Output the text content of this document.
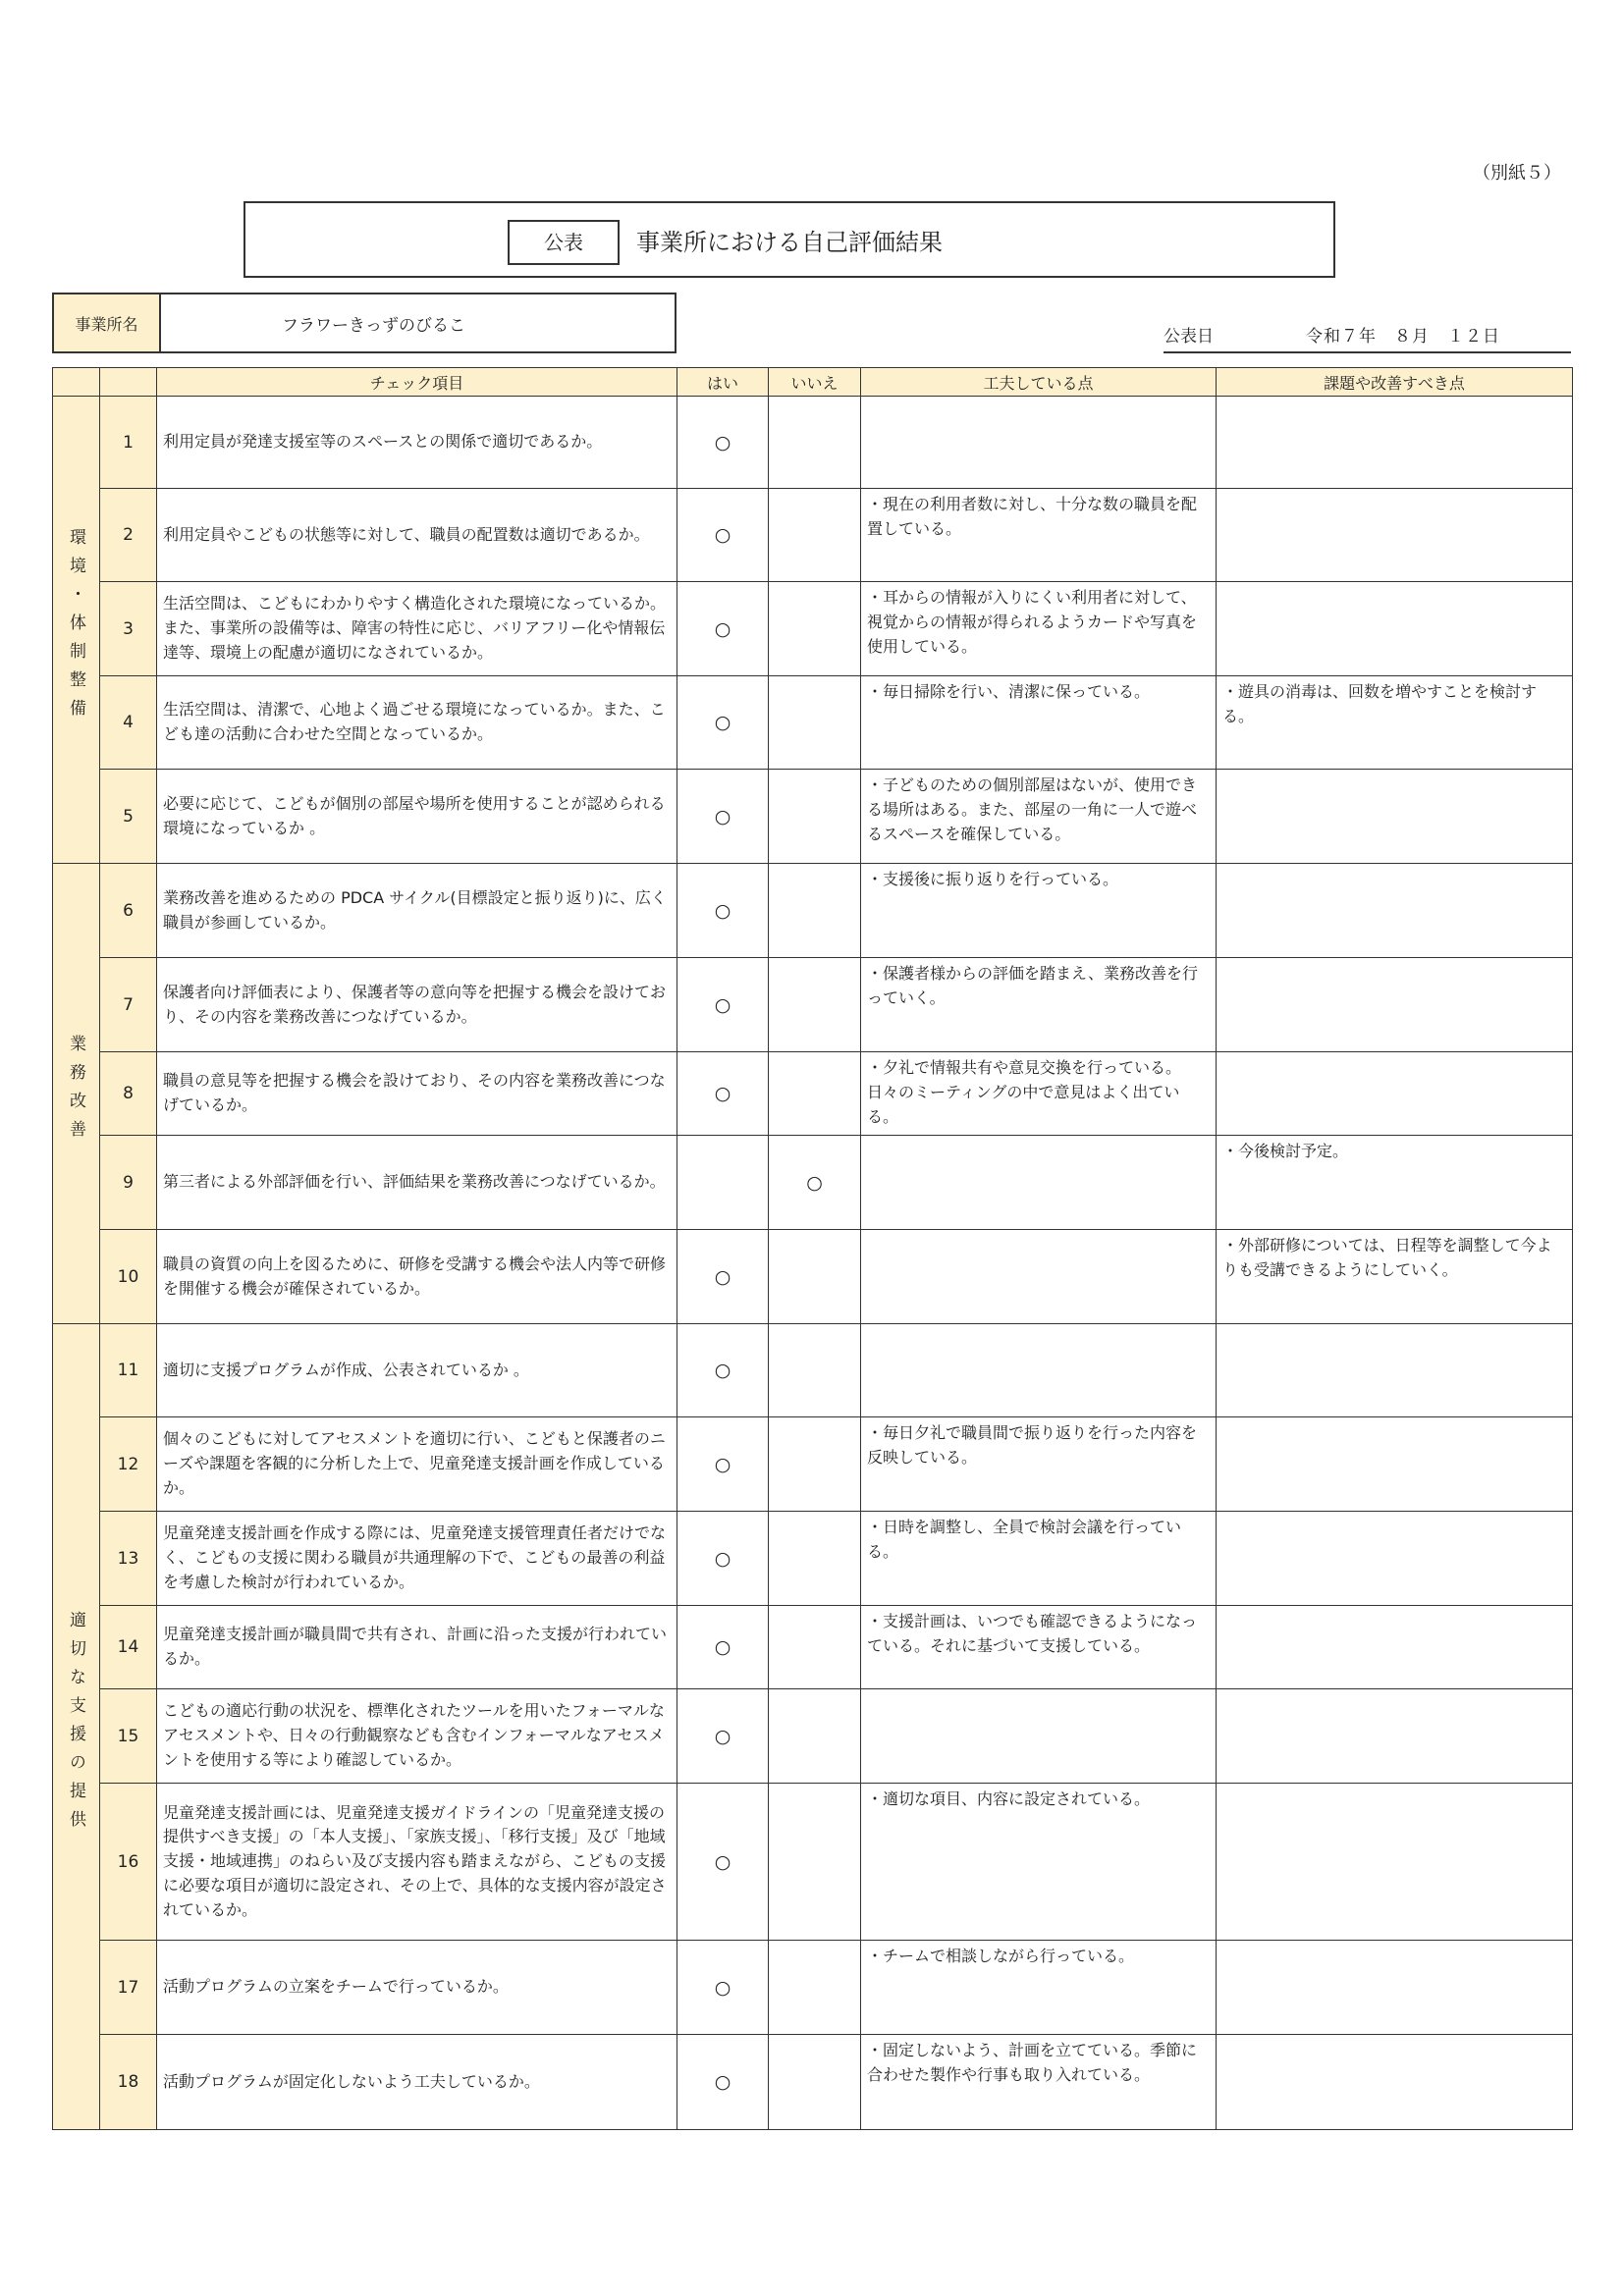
（別紙５）
公表	事業所における自己評価結果
事業所名	フラワーきっずのびるこ
公表日	令和７年　８月　１２日
		チェック項目	はい	いいえ	工夫している点	課題や改善すべき点
環境・体制整備	1	利用定員が発達支援室等のスペースとの関係で適切であるか。	○			
	2	利用定員やこどもの状態等に対して、職員の配置数は適切であるか。	○		・現在の利用者数に対し、十分な数の職員を配置している。	
	3	生活空間は、こどもにわかりやすく構造化された環境になっているか。また、事業所の設備等は、障害の特性に応じ、バリアフリー化や情報伝達等、環境上の配慮が適切になされているか。	○		・耳からの情報が入りにくい利用者に対して、視覚からの情報が得られるようカードや写真を使用している。	
	4	生活空間は、清潔で、心地よく過ごせる環境になっているか。また、こども達の活動に合わせた空間となっているか。	○		・毎日掃除を行い、清潔に保っている。	・遊具の消毒は、回数を増やすことを検討する。
	5	必要に応じて、こどもが個別の部屋や場所を使用することが認められる環境になっているか 。	○		・子どものための個別部屋はないが、使用できる場所はある。また、部屋の一角に一人で遊べるスペースを確保している。	
業務改善	6	業務改善を進めるための PDCA サイクル(目標設定と振り返り)に、広く職員が参画しているか。	○		・支援後に振り返りを行っている。	
	7	保護者向け評価表により、保護者等の意向等を把握する機会を設けており、その内容を業務改善につなげているか。	○		・保護者様からの評価を踏まえ、業務改善を行っていく。	
	8	職員の意見等を把握する機会を設けており、その内容を業務改善につなげているか。	○		・夕礼で情報共有や意見交換を行っている。日々のミーティングの中で意見はよく出ている。	
	9	第三者による外部評価を行い、評価結果を業務改善につなげているか。		○		・今後検討予定。
	10	職員の資質の向上を図るために、研修を受講する機会や法人内等で研修を開催する機会が確保されているか。	○			・外部研修については、日程等を調整して今よりも受講できるようにしていく。
適切な支援の提供	11	適切に支援プログラムが作成、公表されているか 。	○			
	12	個々のこどもに対してアセスメントを適切に行い、こどもと保護者のニーズや課題を客観的に分析した上で、児童発達支援計画を作成しているか。	○		・毎日夕礼で職員間で振り返りを行った内容を反映している。	
	13	児童発達支援計画を作成する際には、児童発達支援管理責任者だけでなく、こどもの支援に関わる職員が共通理解の下で、こどもの最善の利益を考慮した検討が行われているか。	○		・日時を調整し、全員で検討会議を行っている。	
	14	児童発達支援計画が職員間で共有され、計画に沿った支援が行われているか。	○		・支援計画は、いつでも確認できるようになっている。それに基づいて支援している。	
	15	こどもの適応行動の状況を、標準化されたツールを用いたフォーマルなアセスメントや、日々の行動観察なども含むインフォーマルなアセスメントを使用する等により確認しているか。	○			
	16	児童発達支援計画には、児童発達支援ガイドラインの「児童発達支援の提供すべき支援」の「本人支援」、「家族支援」、「移行支援」及び「地域支援・地域連携」のねらい及び支援内容も踏まえながら、こどもの支援に必要な項目が適切に設定され、その上で、具体的な支援内容が設定されているか。	○		・適切な項目、内容に設定されている。	
	17	活動プログラムの立案をチームで行っているか。	○		・チームで相談しながら行っている。	
	18	活動プログラムが固定化しないよう工夫しているか。	○		・固定しないよう、計画を立てている。季節に合わせた製作や行事も取り入れている。	
